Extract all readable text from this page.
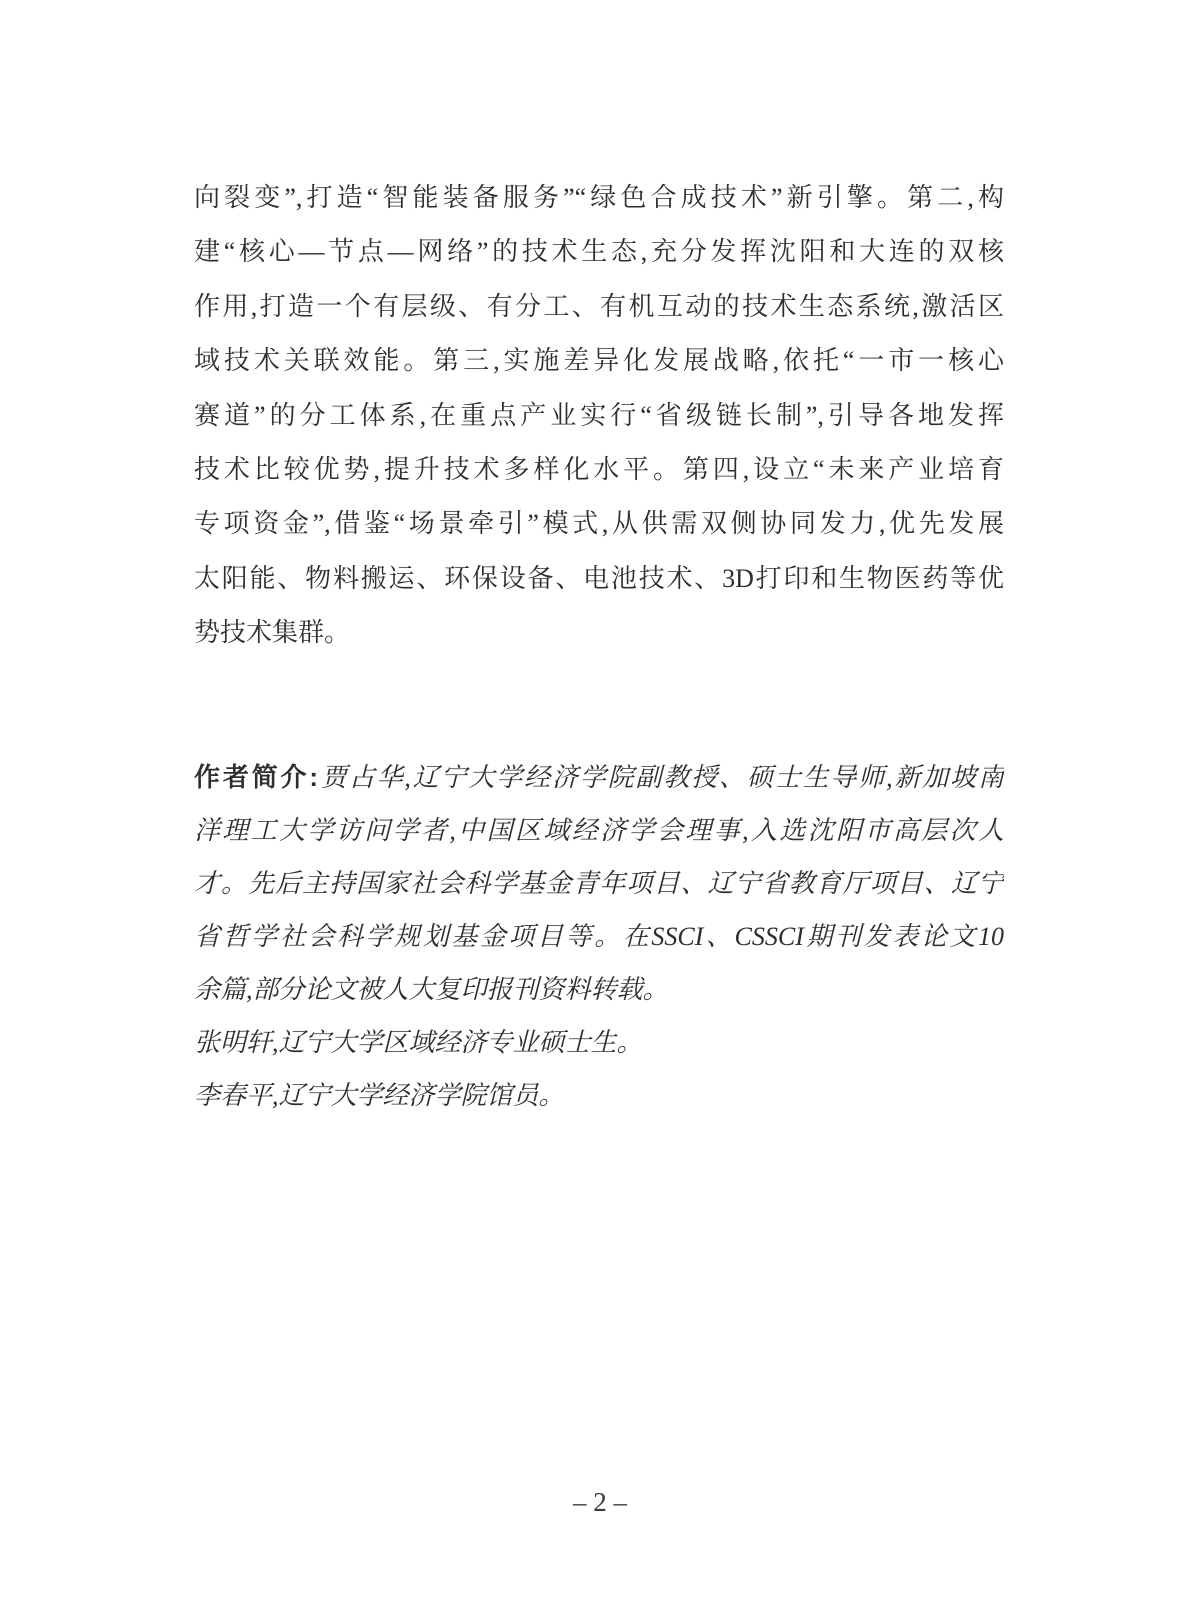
向裂变”,打造“智能装备服务”“绿色合成技术”新引擎。第二,构
建“核心—节点—网络”的技术生态,充分发挥沈阳和大连的双核
作用,打造一个有层级、有分工、有机互动的技术生态系统,激活区
域技术关联效能。第三,实施差异化发展战略,依托“一市一核心
赛道”的分工体系,在重点产业实行“省级链长制”,引导各地发挥
技术比较优势,提升技术多样化水平。第四,设立“未来产业培育
专项资金”,借鉴“场景牵引”模式,从供需双侧协同发力,优先发展
太阳能、物料搬运、环保设备、电池技术、3D打印和生物医药等优
势技术集群。
作者简介:贾占华,辽宁大学经济学院副教授、硕士生导师,新加坡南
洋理工大学访问学者,中国区域经济学会理事,入选沈阳市高层次人
才。先后主持国家社会科学基金青年项目、辽宁省教育厅项目、辽宁
省哲学社会科学规划基金项目等。在SSCI、CSSCI期刊发表论文10
余篇,部分论文被人大复印报刊资料转载。
张明轩,辽宁大学区域经济专业硕士生。
李春平,辽宁大学经济学院馆员。
– 2 –
